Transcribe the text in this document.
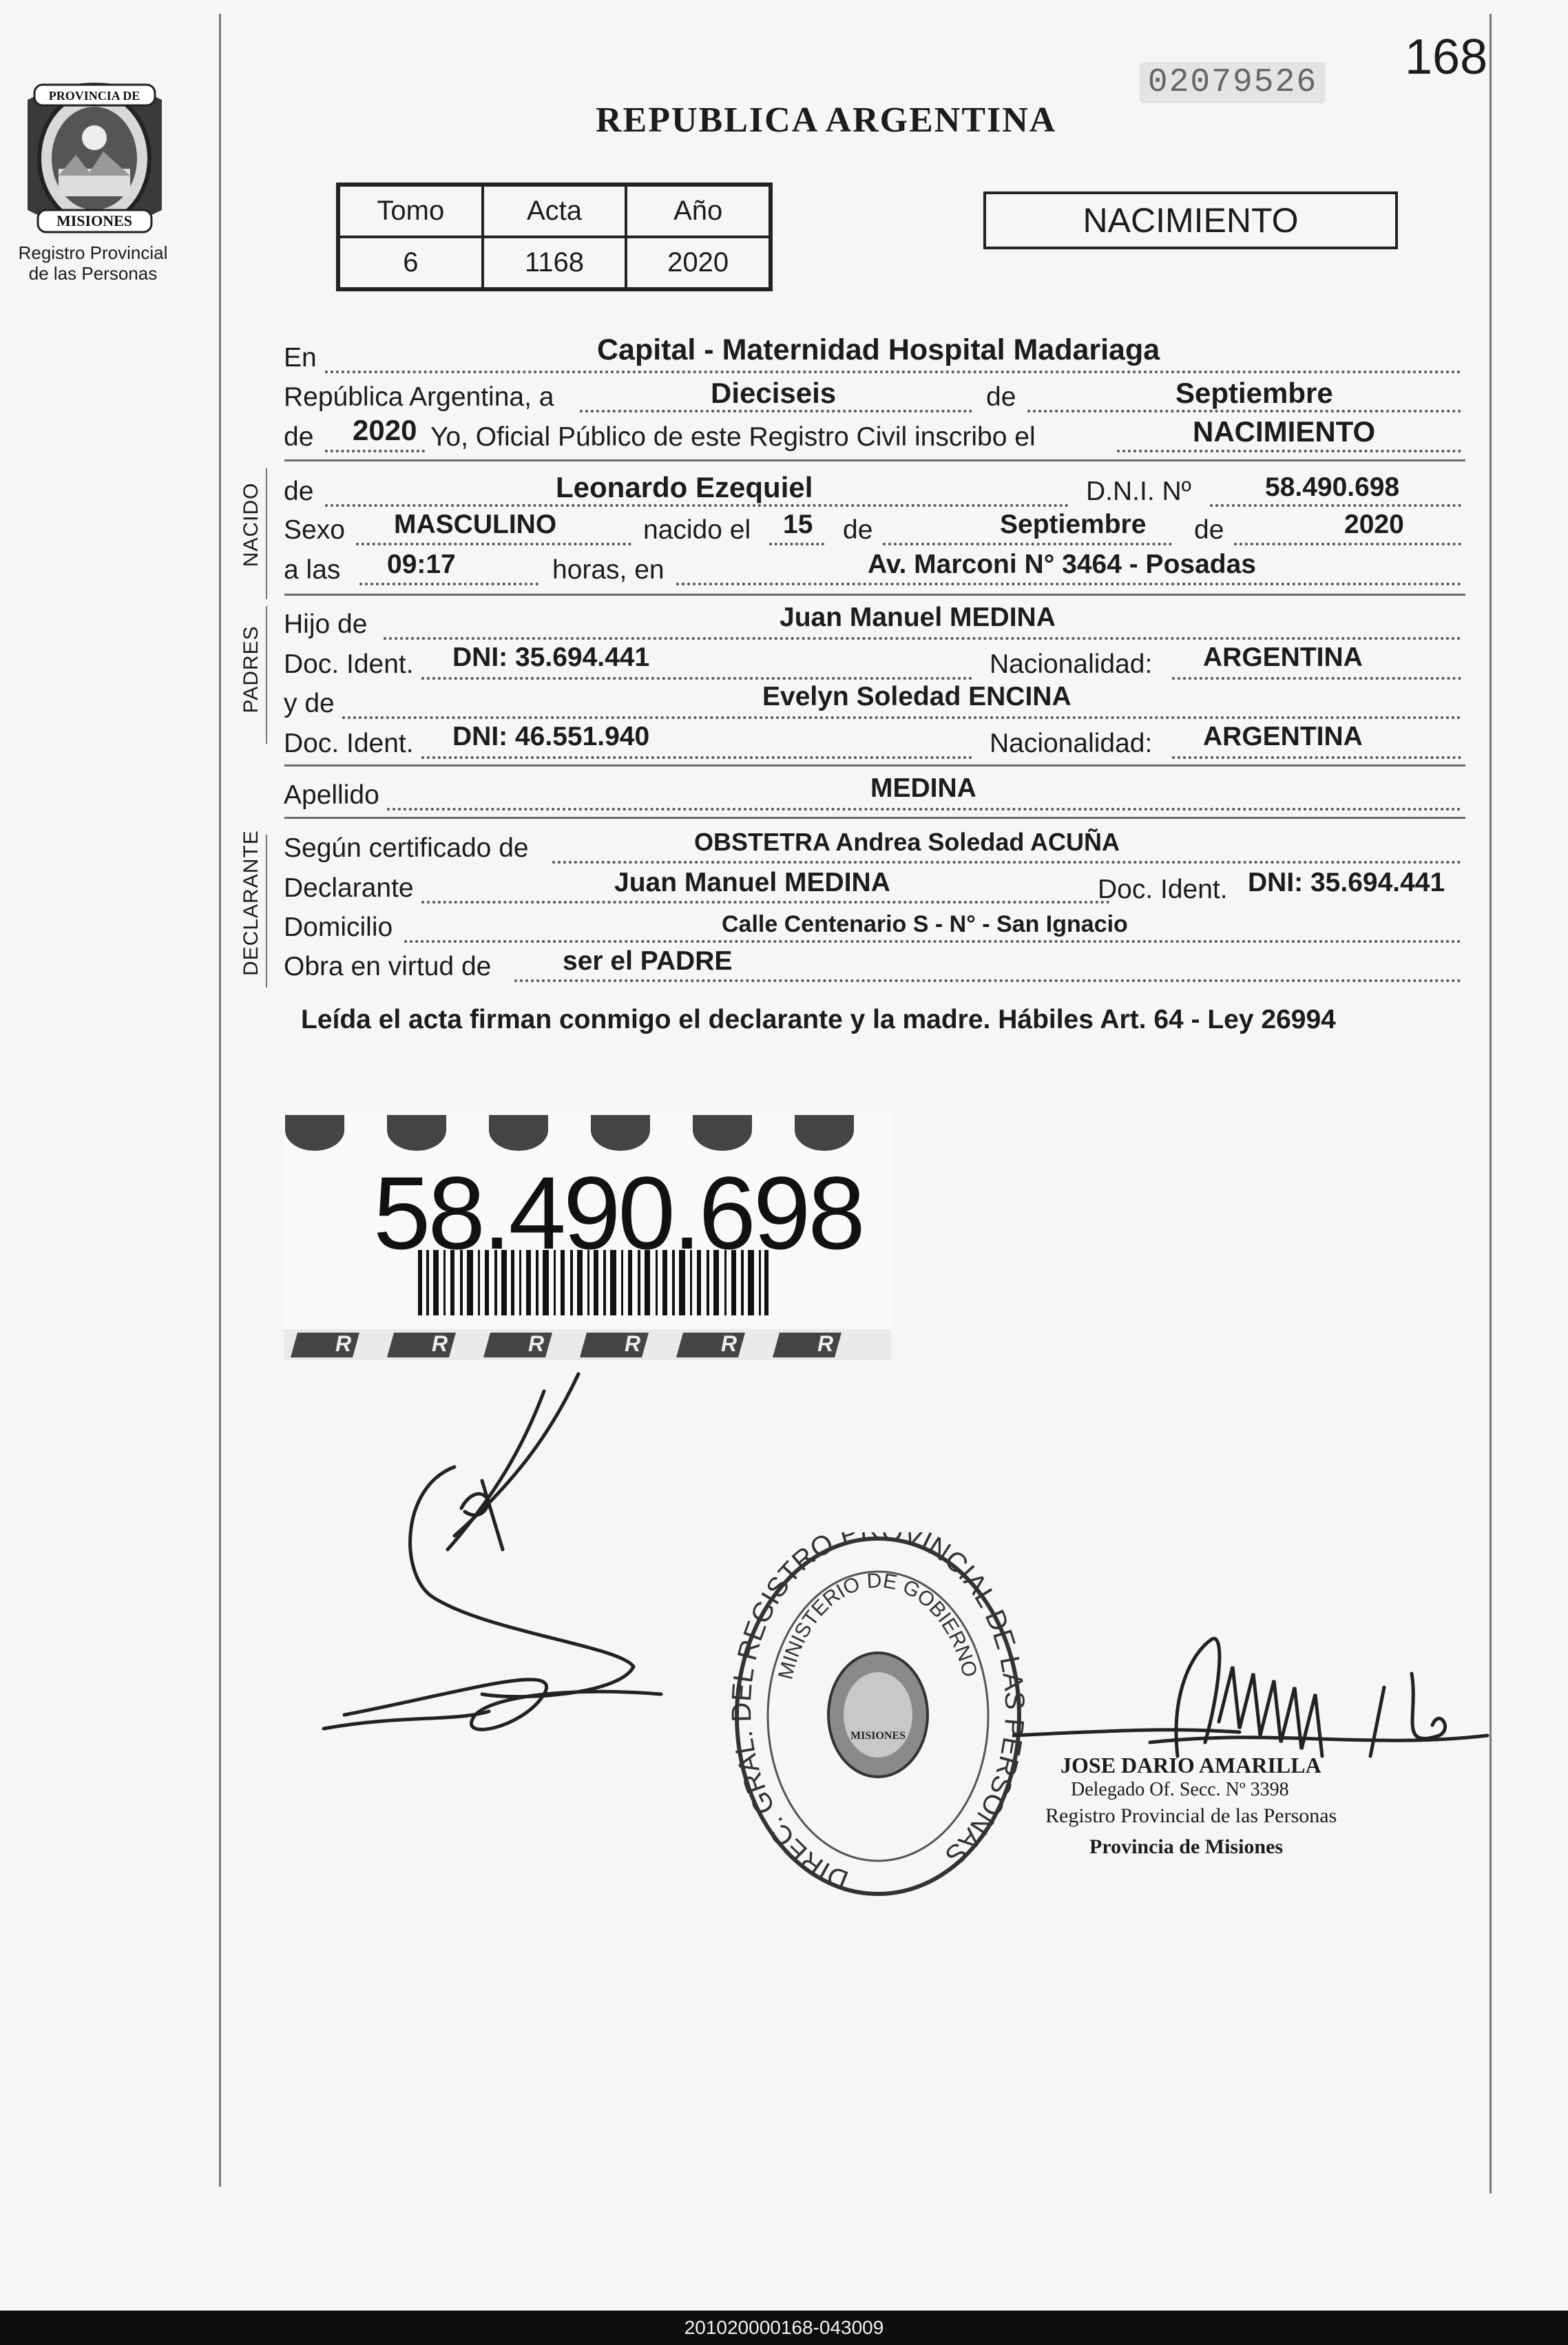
168
02079526
PROVINCIA DE
MISIONES
Registro Provincial
de las Personas
REPUBLICA ARGENTINA
Tomo	Acta	Año
6	1168	2020
NACIMIENTO
En	Capital - Maternidad Hospital Madariaga
República Argentina, a	Dieciseis	de	Septiembre
de 2020 Yo, Oficial Público de este Registro Civil inscribo el	NACIMIENTO
NACIDO de	Leonardo Ezequiel	D.N.I. Nº	58.490.698
Sexo MASCULINO	nacido el 15 de	Septiembre de	2020
a las 09:17	horas, en	Av. Marconi N° 3464 - Posadas
PADRES
Hijo de	Juan Manuel MEDINA
Doc. Ident. DNI: 35.694.441	Nacionalidad: ARGENTINA
y de	Evelyn Soledad ENCINA
Doc. Ident. DNI: 46.551.940	Nacionalidad: ARGENTINA
Apellido	MEDINA
DECLARANTE Según certificado de	OBSTETRA Andrea Soledad ACUÑA
Declarante	Juan Manuel MEDINA	Doc. Ident. DNI: 35.694.441
Domicilio	Calle Centenario S - N° - San Ignacio
Obra en virtud de	ser el PADRE
Leída el acta firman conmigo el declarante y la madre. Hábiles Art. 64 - Ley 26994
58.490.698
R	R	R	R	R	R
DIREC. GRAL. L REGISTRO P VINCIAL DE LA ERSONAS
MINISTERIO DE GOBIERNO
MISIONES
JOSE DARIO AMARILLA
Delegado Of. Secc. Nº 3398
Registro Provincial de las Personas
Provincia de Misiones
201020000168-043009
